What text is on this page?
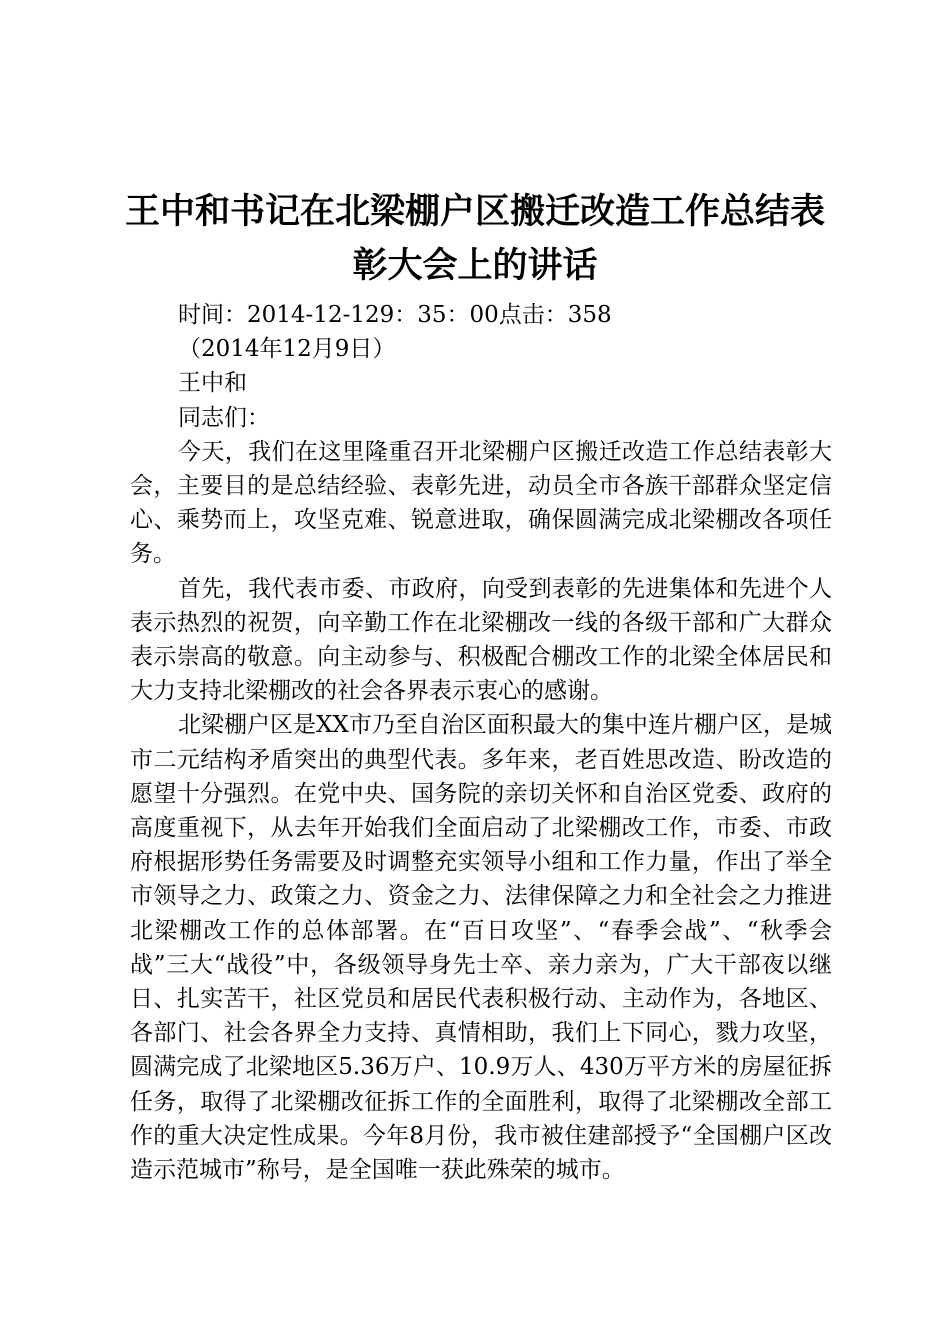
王中和书记在北梁棚户区搬迁改造工作总结表
彰大会上的讲话

时间：2014-12-129：35：00点击：358

（2014年12月9日）

王中和

同志们：

今天，我们在这里隆重召开北梁棚户区搬迁改造工作总结表彰大会，主要目的是总结经验、表彰先进，动员全市各族干部群众坚定信心、乘势而上，攻坚克难、锐意进取，确保圆满完成北梁棚改各项任务。

首先，我代表市委、市政府，向受到表彰的先进集体和先进个人表示热烈的祝贺，向辛勤工作在北梁棚改一线的各级干部和广大群众表示崇高的敬意。向主动参与、积极配合棚改工作的北梁全体居民和大力支持北梁棚改的社会各界表示衷心的感谢。

北梁棚户区是XX市乃至自治区面积最大的集中连片棚户区，是城市二元结构矛盾突出的典型代表。多年来，老百姓思改造、盼改造的愿望十分强烈。在党中央、国务院的亲切关怀和自治区党委、政府的高度重视下，从去年开始我们全面启动了北梁棚改工作，市委、市政府根据形势任务需要及时调整充实领导小组和工作力量，作出了举全市领导之力、政策之力、资金之力、法律保障之力和全社会之力推进北梁棚改工作的总体部署。在“百日攻坚”、“春季会战”、“秋季会战”三大“战役”中，各级领导身先士卒、亲力亲为，广大干部夜以继日、扎实苦干，社区党员和居民代表积极行动、主动作为，各地区、各部门、社会各界全力支持、真情相助，我们上下同心，戮力攻坚，圆满完成了北梁地区5.36万户、10.9万人、430万平方米的房屋征拆任务，取得了北梁棚改征拆工作的全面胜利，取得了北梁棚改全部工作的重大决定性成果。今年8月份，我市被住建部授予“全国棚户区改造示范城市”称号，是全国唯一获此殊荣的城市。
